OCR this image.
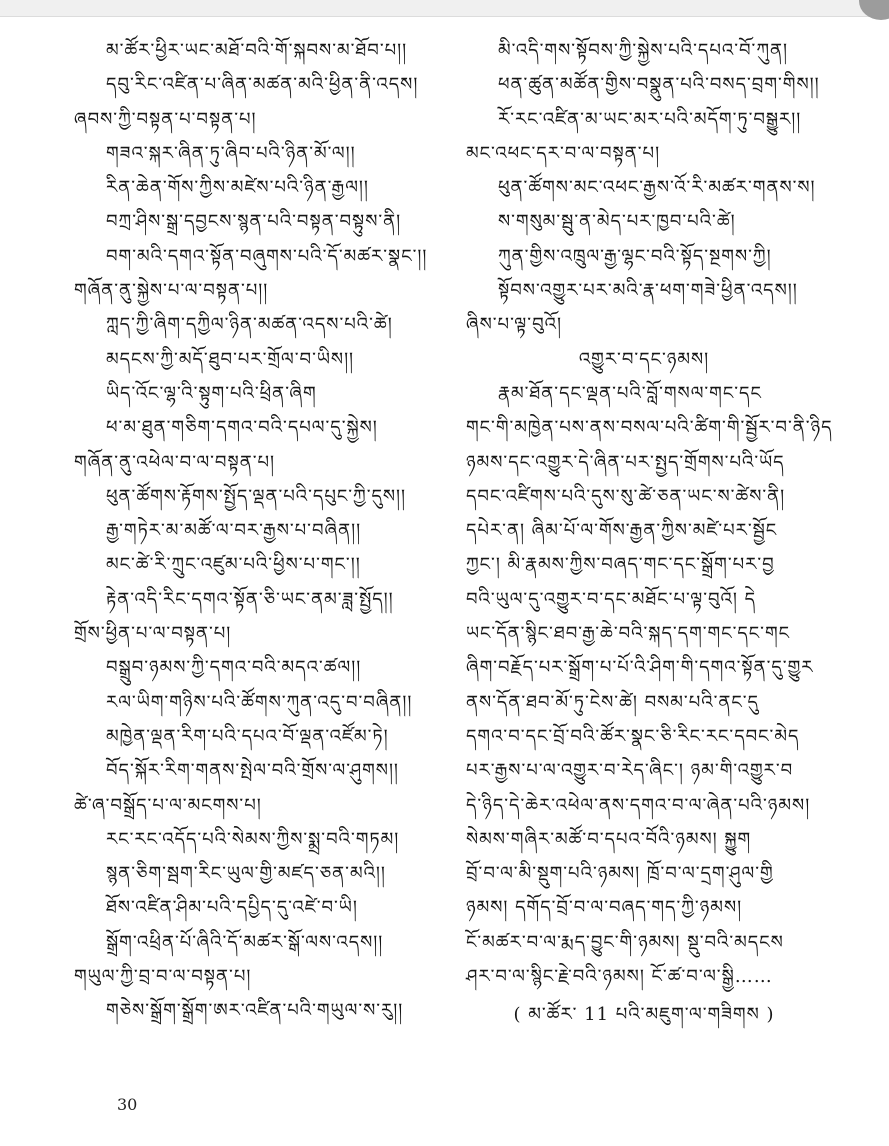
མ་ཚོར་ཕྱིར་ཡང་མཐོ་བའི་གོ་སྐབས་མ་ཐོབ་པ།།
དབུ་རིང་འཛིན་པ་ཞིན་མཚན་མའི་ཕྱིན་ནི་འདས།
ཞབས་ཀྱི་བསྟན་པ་བསྟན་པ།
གཟའ་སྐར་ཞིན་ཏུ་ཞིབ་པའི་ཉིན་མོ་ལ།།
རིན་ཆེན་གོས་ཀྱིས་མཛེས་པའི་ཉིན་རྒྱལ།།
བཀྲ་ཤིས་སྒྲ་དབྱངས་སྙན་པའི་བསྟན་བསྟུས་ནི།
བག་མའི་དགའ་སྟོན་བཞུགས་པའི་དོ་མཚར་སྣང་།།
གཞོན་ནུ་སྐྱེས་པ་ལ་བསྟན་པ།།
ཀླད་ཀྱི་ཞིག་དཀྱིལ་ཉིན་མཚན་འདས་པའི་ཚེ།
མདངས་ཀྱི་མདོ་ཐུབ་པར་གྲོལ་བ་ཡིས།།
ཡིད་འོང་ལྷ་འི་སྟུག་པའི་ཕྲིན་ཞིག
ཕ་མ་ཐུན་གཅིག་དགའ་བའི་དཔལ་དུ་སྐྱེས།
གཞོན་ནུ་འཕེལ་བ་ལ་བསྟན་པ།
ཕུན་ཚོགས་རྟོགས་སྤྱོད་ལྡན་པའི་དཔུང་ཀྱི་དུས།།
རྒྱ་གཏེར་མ་མཚོ་ལ་བར་རྒྱས་པ་བཞིན།།
མང་ཚེ་རི་ཀྲུང་འཛུམ་པའི་ཕྱིས་པ་གང་།།
རྟེན་འདི་རིང་དགའ་སྟོན་ཅི་ཡང་ནམ་ཟླ་སྤྱོད།།
གྲོས་ཕྱིན་པ་ལ་བསྟན་པ།
བསྒྲུབ་ཉམས་ཀྱི་དགའ་བའི་མདའ་ཚལ།།
རལ་ཡིག་གཉིས་པའི་ཚོགས་ཀུན་འདུ་བ་བཞིན།།
མཁྱེན་ལྡན་རིག་པའི་དཔའ་བོ་ལྡན་འཛོམ་ཏེ།
བོད་སྐོར་རིག་གནས་སྤེལ་བའི་གྲོས་ལ་ཤུགས།།
ཚེ་ཞ་བསྒྲོད་པ་ལ་མངགས་པ།
རང་རང་འདོད་པའི་སེམས་ཀྱིས་སྨྲ་བའི་གཏམ།
སྙན་ཅིག་སྦག་རིང་ཡུལ་གྱི་མཛད་ཅན་མའི།།
ཐོས་འཛིན་ཤིམ་པའི་དཔྱིད་དུ་འཛེ་བ་ཡི།
སྒྲོག་འཕྲིན་པོ་ཞིའི་དོ་མཚར་སྒོ་ལས་འདས།།
གཡུལ་ཀྱི་བྲ་བ་ལ་བསྟན་པ།
གཅེས་སྒྲོག་སྒྲོག་ཨར་འཛིན་པའི་གཡུལ་ས་རུ།།
མི་འདི་གས་སྟོབས་ཀྱི་སྐྱེས་པའི་དཔའ་བོ་ཀུན།
ཕན་ཚུན་མཚོན་གྱིས་བསྣུན་པའི་བསད་བྲག་གིས།།
རོ་རང་འཛིན་མ་ཡང་མར་པའི་མདོག་ཏུ་བསྒྱུར།།
མང་འཕང་དར་བ་ལ་བསྟན་པ།
ཕུན་ཚོགས་མང་འཕང་རྒྱས་འོ་རི་མཚར་གནས་ས།
ས་གསུམ་སྦུ་ན་མེད་པར་ཁྱབ་པའི་ཚེ།
ཀུན་གྱིས་འཁྲུལ་རྒྱ་ལྷང་བའི་སྟོད་སྔགས་ཀྱི།
སྟོབས་འགྱུར་པར་མའི་རྣ་ཕག་གཟེ་ཕྱིན་འདས།།
ཞིས་པ་ལྟ་བུའོ།
འགྱུར་བ་དང་ཉམས།
རྣམ་ཐོན་དང་ལྡན་པའི་བློ་གསལ་གང་དང
གང་གི་མཁྱེན་པས་ནས་བསལ་པའི་ཚིག་གི་སྦྱོར་བ་ནི་ཉིད
ཉམས་དང་འགྱུར་དེ་ཞིན་པར་སྤྱད་གྲོགས་པའི་ཡོད
དབང་འཛིགས་པའི་དུས་སུ་ཚེ་ཅན་ཡང་ས་ཚེས་ནི།
དཔེར་ན། ཞིམ་པོ་ལ་གོས་རྒྱན་ཀྱིས་མཛེ་པར་སྦྱོང
ཀྱང་། མི་རྣམས་ཀྱིས་བཞད་གང་དང་སྒྲོག་པར་བྱ
བའི་ཡུལ་དུ་འགྱུར་བ་དང་མཐོང་པ་ལྟ་བུའོ། དེ
ཡང་དོན་སྙིང་ཐབ་རྒྱ་ཆེ་བའི་སྐད་དག་གང་དང་གང
ཞིག་བརྗོད་པར་སྒྲོག་པ་པོ་འི་ཤིག་གི་དགའ་སྟོན་དུ་གྱུར
ནས་དོན་ཐབ་མོ་ཏུ་ངེས་ཚེ། བསམ་པའི་ནང་དུ
དགའ་བ་དང་བྲོ་བའི་ཚོར་སྣང་ཅི་རིང་རང་དབང་མེད
པར་རྒྱས་པ་ལ་འགྱུར་བ་རེད་ཞིང་། ཉམ་གི་འགྱུར་བ
དེ་ཉིད་དེ་ཆེར་འཕེལ་ནས་དགའ་བ་ལ་ཞེན་པའི་ཉམས།
སེམས་གཞིར་མཚོ་བ་དཔའ་བོའི་ཉམས། སྐྱུག
བྲོ་བ་ལ་མི་སྡུག་པའི་ཉམས། ཁྲོ་བ་ལ་དྲག་ཤུལ་གྱི
ཉམས། དགོད་བྲོ་བ་ལ་བཞད་གད་ཀྱི་ཉམས།
ངོ་མཚར་བ་ལ་རྨད་བྱུང་གི་ཉམས། སྡུ་བའི་མདངས
ཤར་བ་ལ་སྙིང་རྗེ་བའི་ཉམས། ངོ་ཚ་བ་ལ་སྒྱི……
( མ་ཚོར་ 11 པའི་མཇུག་ལ་གཟིགས )
30
